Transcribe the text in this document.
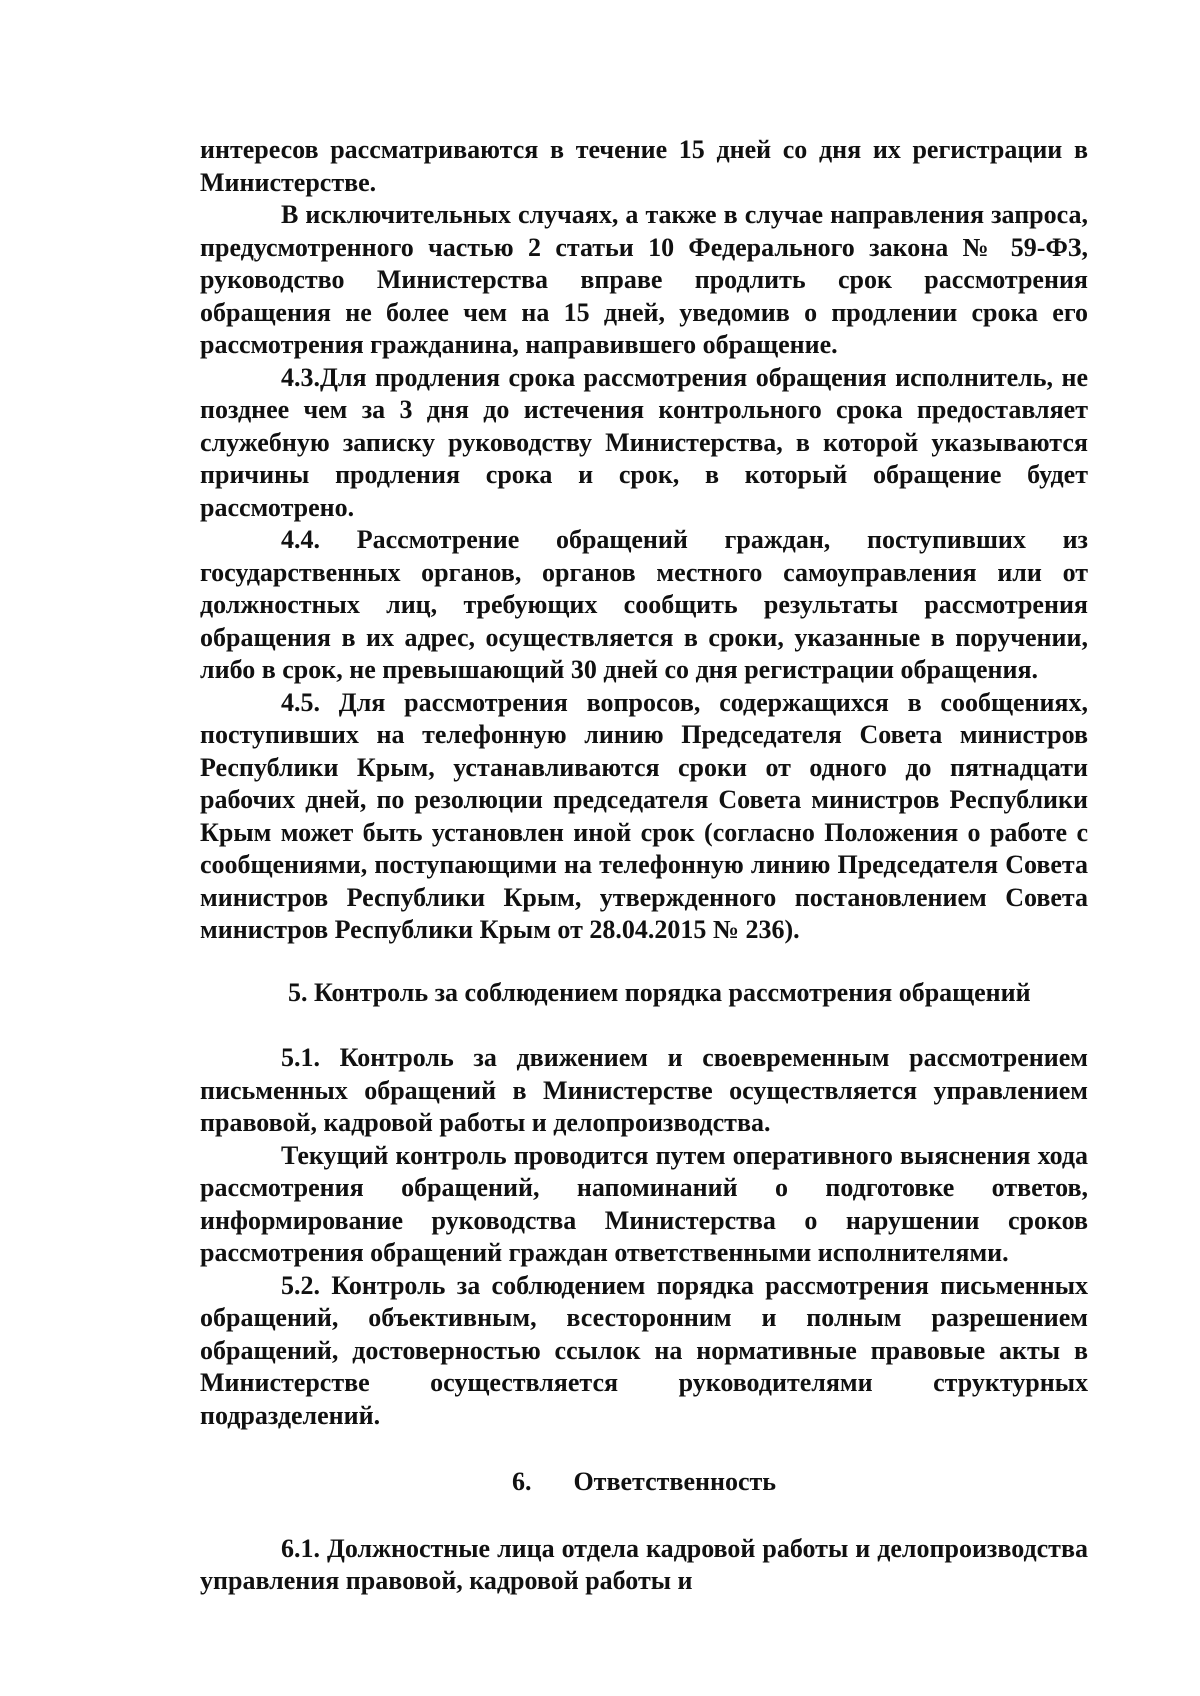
интересов рассматриваются в течение 15 дней со дня их регистрации в Министерстве.

В исключительных случаях, а также в случае направления запроса, предусмотренного частью 2 статьи 10 Федерального закона № 59-ФЗ, руководство Министерства вправе продлить срок рассмотрения обращения не более чем на 15 дней, уведомив о продлении срока его рассмотрения гражданина, направившего обращение.

4.3.Для продления срока рассмотрения обращения исполнитель, не позднее чем за 3 дня до истечения контрольного срока предоставляет служебную записку руководству Министерства, в которой указываются причины продления срока и срок, в который обращение будет рассмотрено.

4.4. Рассмотрение обращений граждан, поступивших из государственных органов, органов местного самоуправления или от должностных лиц, требующих сообщить результаты рассмотрения обращения в их адрес, осуществляется в сроки, указанные в поручении, либо в срок, не превышающий 30 дней со дня регистрации обращения.

4.5. Для рассмотрения вопросов, содержащихся в сообщениях, поступивших на телефонную линию Председателя Совета министров Республики Крым, устанавливаются сроки от одного до пятнадцати рабочих дней, по резолюции председателя Совета министров Республики Крым может быть установлен иной срок (согласно Положения о работе с сообщениями, поступающими на телефонную линию Председателя Совета министров Республики Крым, утвержденного постановлением Совета министров Республики Крым от 28.04.2015 № 236).

5. Контроль за соблюдением порядка рассмотрения обращений

5.1. Контроль за движением и своевременным рассмотрением письменных обращений в Министерстве осуществляется управлением правовой, кадровой работы и делопроизводства.

Текущий контроль проводится путем оперативного выяснения хода рассмотрения обращений, напоминаний о подготовке ответов, информирование руководства Министерства о нарушении сроков рассмотрения обращений граждан ответственными исполнителями.

5.2. Контроль за соблюдением порядка рассмотрения письменных обращений, объективным, всесторонним и полным разрешением обращений, достоверностью ссылок на нормативные правовые акты в Министерстве осуществляется руководителями структурных подразделений.

6. Ответственность

6.1. Должностные лица отдела кадровой работы и делопроизводства управления правовой, кадровой работы и
